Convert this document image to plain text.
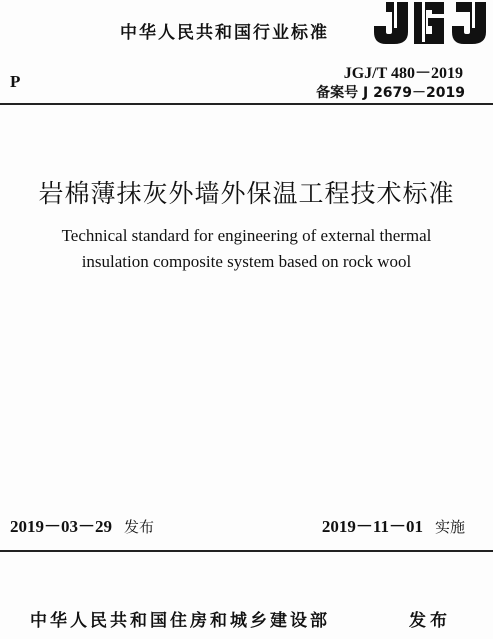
中华人民共和国行业标准
P	JGJ/T 480－2019
备案号 J 2679－2019
岩棉薄抹灰外墙外保温工程技术标准
Technical standard for engineering of external thermal
insulation composite system based on rock wool
2019－03－29 发布	2019－11－01 实施
中华人民共和国住房和城乡建设部	发布
